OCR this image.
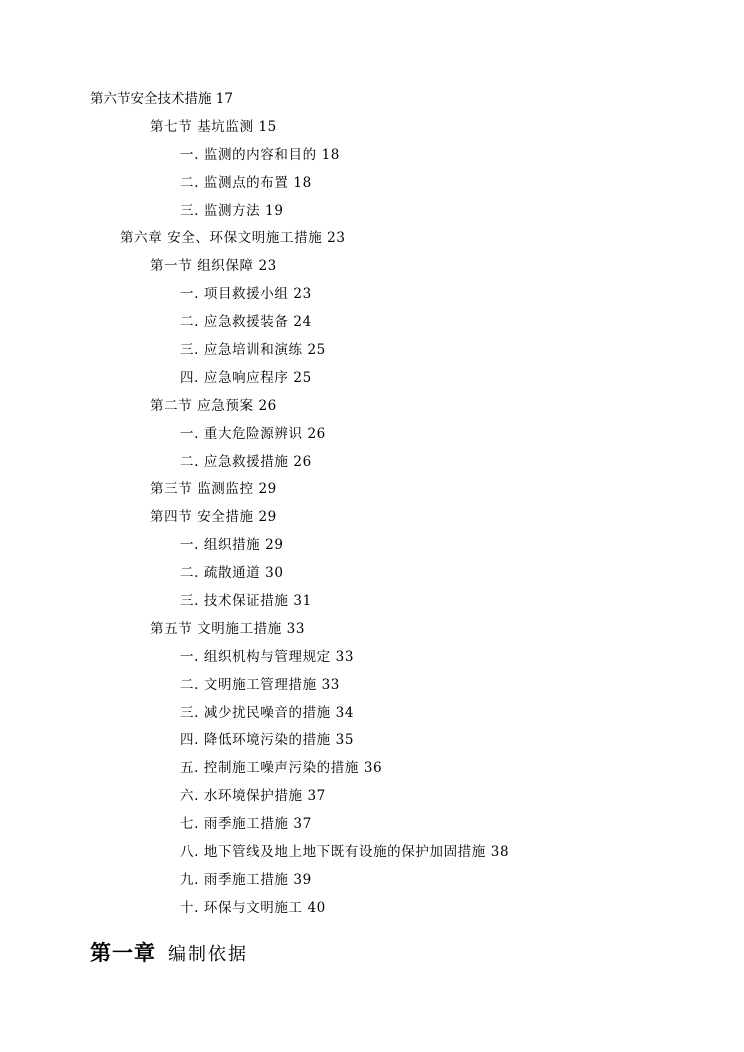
第六节安全技术措施 17
第七节 基坑监测 15
一. 监测的内容和目的 18
二. 监测点的布置 18
三. 监测方法 19
第六章 安全、环保文明施工措施 23
第一节 组织保障 23
一. 项目救援小组 23
二. 应急救援装备 24
三. 应急培训和演练 25
四. 应急响应程序 25
第二节 应急预案 26
一. 重大危险源辨识 26
二. 应急救援措施 26
第三节 监测监控 29
第四节 安全措施 29
一. 组织措施 29
二. 疏散通道 30
三. 技术保证措施 31
第五节 文明施工措施 33
一. 组织机构与管理规定 33
二. 文明施工管理措施 33
三. 减少扰民噪音的措施 34
四. 降低环境污染的措施 35
五. 控制施工噪声污染的措施 36
六. 水环境保护措施 37
七. 雨季施工措施 37
八. 地下管线及地上地下既有设施的保护加固措施 38
九. 雨季施工措施 39
十. 环保与文明施工 40
第一章 编制依据
